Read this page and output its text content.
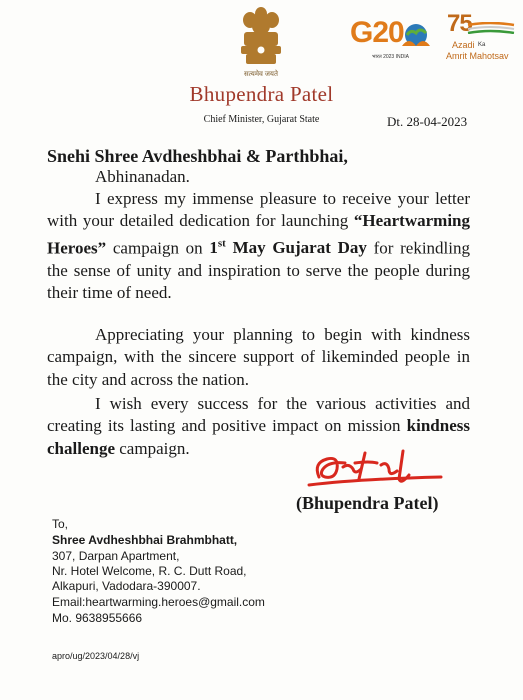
सत्यमेव जयते
G20
भारत 2023 INDIA
75
Azadi Ka
Amrit Mahotsav
Bhupendra Patel
Chief Minister, Gujarat State	Dt. 28-04-2023
Snehi Shree Avdheshbhai & Parthbhai,
Abhinanadan.
I express my immense pleasure to receive your letter with your detailed dedication for launching “Heartwarming Heroes” campaign on 1st May Gujarat Day for rekindling the sense of unity and inspiration to serve the people during their time of need.
Appreciating your planning to begin with kindness campaign, with the sincere support of likeminded people in the city and across the nation.
I wish every success for the various activities and creating its lasting and positive impact on mission kindness challenge campaign.
(Bhupendra Patel)
To,
Shree Avdheshbhai Brahmbhatt,
307, Darpan Apartment,
Nr. Hotel Welcome, R. C. Dutt Road,
Alkapuri, Vadodara-390007.
Email:heartwarming.heroes@gmail.com
Mo. 9638955666
apro/ug/2023/04/28/vj
